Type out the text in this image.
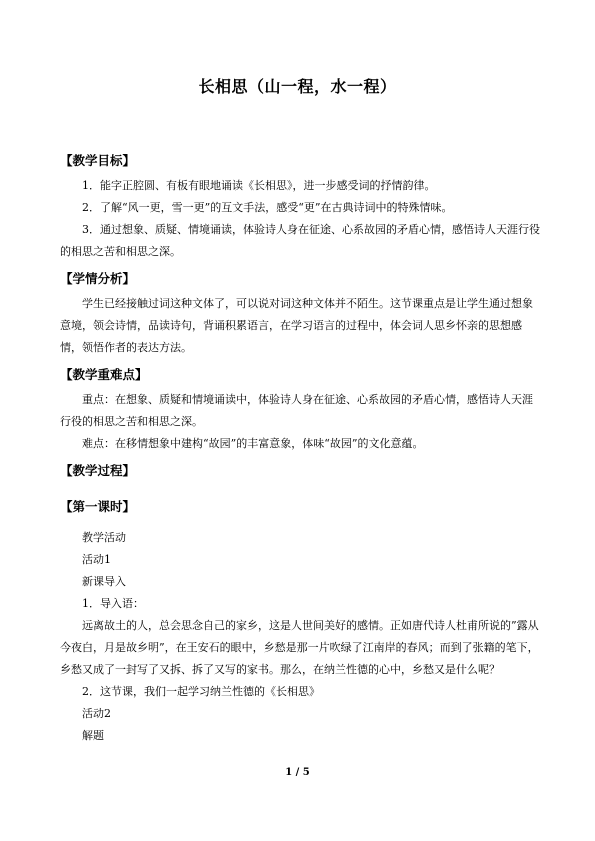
长相思（山一程，水一程）
【教学目标】

1．能字正腔圆、有板有眼地诵读《长相思》，进一步感受词的抒情韵律。

2．了解“风一更，雪一更”的互文手法，感受“更”在古典诗词中的特殊情味。

3．通过想象、质疑、情境诵读，体验诗人身在征途、心系故园的矛盾心情，感悟诗人天涯行役的相思之苦和相思之深。

【学情分析】

学生已经接触过词这种文体了，可以说对词这种文体并不陌生。这节课重点是让学生通过想象意境，领会诗情，品读诗句，背诵积累语言，在学习语言的过程中，体会词人思乡怀亲的思想感情，领悟作者的表达方法。

【教学重难点】

重点：在想象、质疑和情境诵读中，体验诗人身在征途、心系故园的矛盾心情，感悟诗人天涯行役的相思之苦和相思之深。

难点：在移情想象中建构“故园”的丰富意象，体味“故园”的文化意蕴。

【教学过程】
【第一课时】

教学活动

活动1

新课导入

1．导入语：

远离故土的人，总会思念自己的家乡，这是人世间美好的感情。正如唐代诗人杜甫所说的”露从今夜白，月是故乡明”，在王安石的眼中，乡愁是那一片吹绿了江南岸的春风；而到了张籍的笔下，乡愁又成了一封写了又拆、拆了又写的家书。那么，在纳兰性德的心中，乡愁又是什么呢？

2．这节课，我们一起学习纳兰性德的《长相思》

活动2

解题

1 / 5
